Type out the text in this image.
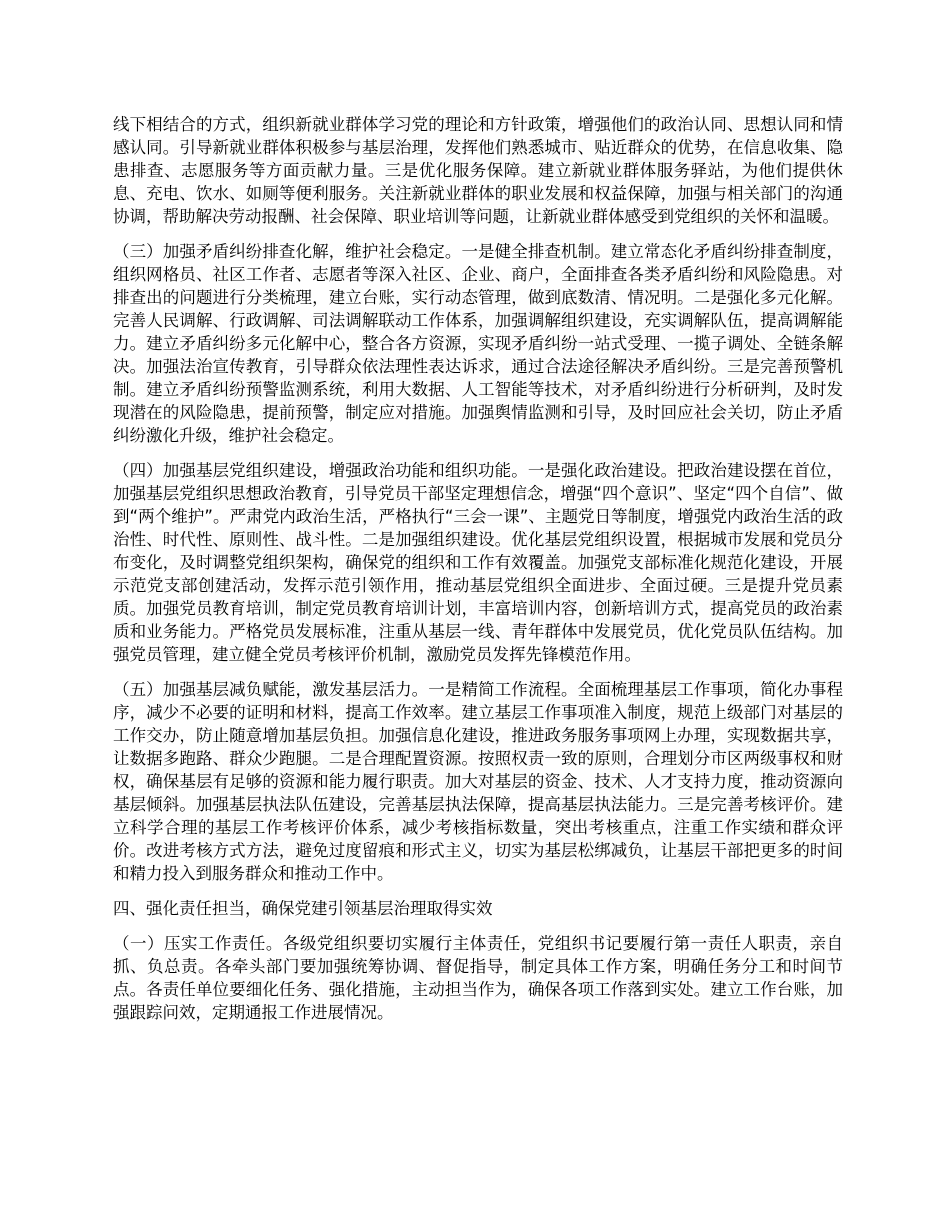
线下相结合的方式，组织新就业群体学习党的理论和方针政策，增强他们的政治认同、思想认同和情感认同。引导新就业群体积极参与基层治理，发挥他们熟悉城市、贴近群众的优势，在信息收集、隐患排查、志愿服务等方面贡献力量。三是优化服务保障。建立新就业群体服务驿站，为他们提供休息、充电、饮水、如厕等便利服务。关注新就业群体的职业发展和权益保障，加强与相关部门的沟通协调，帮助解决劳动报酬、社会保障、职业培训等问题，让新就业群体感受到党组织的关怀和温暖。

（三）加强矛盾纠纷排查化解，维护社会稳定。一是健全排查机制。建立常态化矛盾纠纷排查制度，组织网格员、社区工作者、志愿者等深入社区、企业、商户，全面排查各类矛盾纠纷和风险隐患。对排查出的问题进行分类梳理，建立台账，实行动态管理，做到底数清、情况明。二是强化多元化解。完善人民调解、行政调解、司法调解联动工作体系，加强调解组织建设，充实调解队伍，提高调解能力。建立矛盾纠纷多元化解中心，整合各方资源，实现矛盾纠纷一站式受理、一揽子调处、全链条解决。加强法治宣传教育，引导群众依法理性表达诉求，通过合法途径解决矛盾纠纷。三是完善预警机制。建立矛盾纠纷预警监测系统，利用大数据、人工智能等技术，对矛盾纠纷进行分析研判，及时发现潜在的风险隐患，提前预警，制定应对措施。加强舆情监测和引导，及时回应社会关切，防止矛盾纠纷激化升级，维护社会稳定。

（四）加强基层党组织建设，增强政治功能和组织功能。一是强化政治建设。把政治建设摆在首位，加强基层党组织思想政治教育，引导党员干部坚定理想信念，增强“四个意识”、坚定“四个自信”、做到“两个维护”。严肃党内政治生活，严格执行“三会一课”、主题党日等制度，增强党内政治生活的政治性、时代性、原则性、战斗性。二是加强组织建设。优化基层党组织设置，根据城市发展和党员分布变化，及时调整党组织架构，确保党的组织和工作有效覆盖。加强党支部标准化规范化建设，开展示范党支部创建活动，发挥示范引领作用，推动基层党组织全面进步、全面过硬。三是提升党员素质。加强党员教育培训，制定党员教育培训计划，丰富培训内容，创新培训方式，提高党员的政治素质和业务能力。严格党员发展标准，注重从基层一线、青年群体中发展党员，优化党员队伍结构。加强党员管理，建立健全党员考核评价机制，激励党员发挥先锋模范作用。

（五）加强基层减负赋能，激发基层活力。一是精简工作流程。全面梳理基层工作事项，简化办事程序，减少不必要的证明和材料，提高工作效率。建立基层工作事项准入制度，规范上级部门对基层的工作交办，防止随意增加基层负担。加强信息化建设，推进政务服务事项网上办理，实现数据共享，让数据多跑路、群众少跑腿。二是合理配置资源。按照权责一致的原则，合理划分市区两级事权和财权，确保基层有足够的资源和能力履行职责。加大对基层的资金、技术、人才支持力度，推动资源向基层倾斜。加强基层执法队伍建设，完善基层执法保障，提高基层执法能力。三是完善考核评价。建立科学合理的基层工作考核评价体系，减少考核指标数量，突出考核重点，注重工作实绩和群众评价。改进考核方式方法，避免过度留痕和形式主义，切实为基层松绑减负，让基层干部把更多的时间和精力投入到服务群众和推动工作中。

四、强化责任担当，确保党建引领基层治理取得实效

（一）压实工作责任。各级党组织要切实履行主体责任，党组织书记要履行第一责任人职责，亲自抓、负总责。各牵头部门要加强统筹协调、督促指导，制定具体工作方案，明确任务分工和时间节点。各责任单位要细化任务、强化措施，主动担当作为，确保各项工作落到实处。建立工作台账，加强跟踪问效，定期通报工作进展情况。
